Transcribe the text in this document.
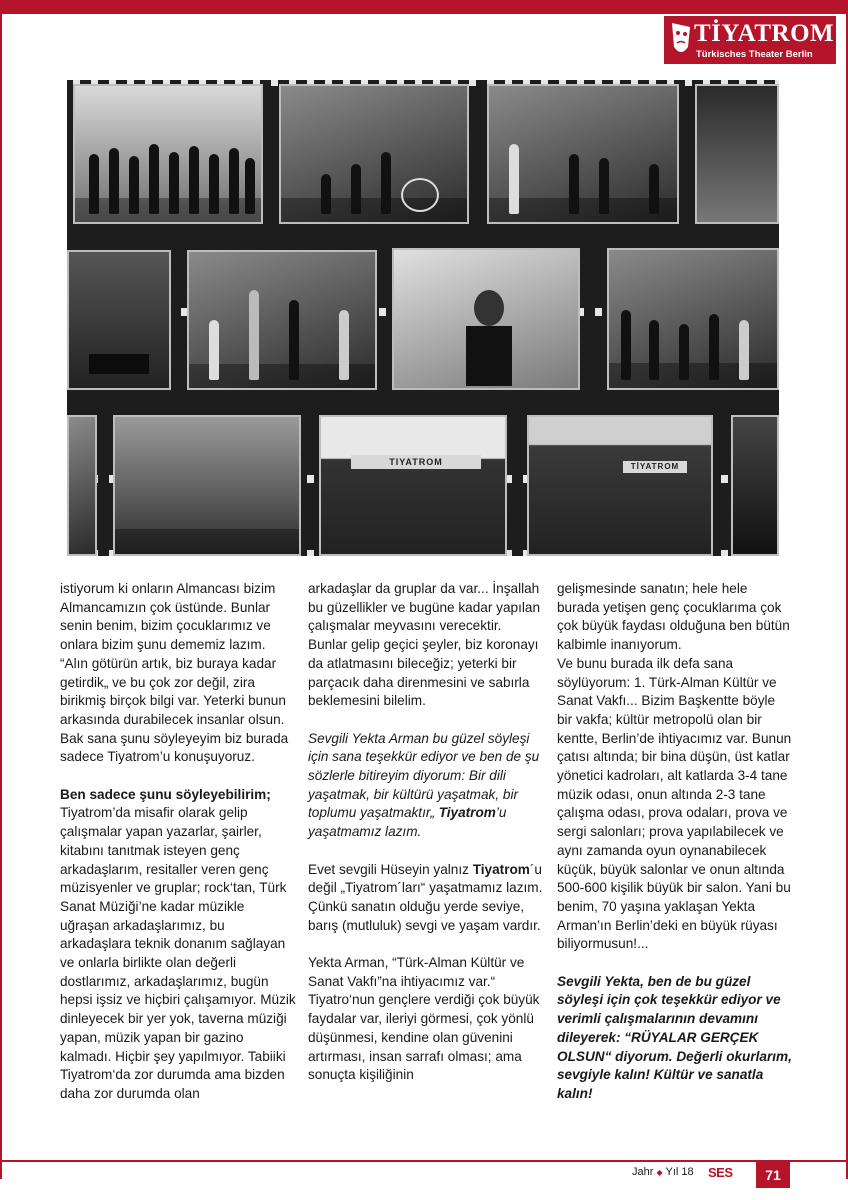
TİYATROM
Türkisches Theater Berlin
TIYATROM	TİYATROM

istiyorum ki onların Almancası bizim Almancamızın çok üstünde. Bunlar senin benim, bizim çocuklarımız ve onlara bizim şunu dememiz lazım. “Alın götürün artık, biz buraya kadar getirdik„ ve bu çok zor değil, zira birikmiş birçok bilgi var. Yeterki bunun arkasında durabilecek insanlar olsun. Bak sana şunu söyleyeyim biz burada sadece Tiyatrom’u konuşuyoruz.

Ben sadece şunu söyleyebilirim;
Tiyatrom’da misafir olarak gelip çalışmalar yapan yazarlar, şairler, kitabını tanıtmak isteyen genç arkadaşlarım, resitaller veren genç müzisyenler ve gruplar; rock‘tan, Türk Sanat Müziği’ne kadar müzikle uğraşan arkadaşlarımız, bu arkadaşlara teknik donanım sağlayan ve onlarla birlikte olan değerli dostlarımız, arkadaşlarımız, bugün hepsi işsiz ve hiçbiri çalışamıyor. Müzik dinleyecek bir yer yok, taverna müziği yapan, müzik yapan bir gazino kalmadı. Hiçbir şey yapılmıyor. Tabiiki Tiyatrom‘da zor durumda ama bizden daha zor durumda olan

arkadaşlar da gruplar da var... İnşallah bu güzellikler ve bugüne kadar yapılan çalışmalar meyvasını verecektir. Bunlar gelip geçici şeyler, biz koronayı da atlatmasını bileceğiz; yeterki bir parçacık daha direnmesini ve sabırla beklemesini bilelim.

Sevgili Yekta Arman bu güzel söyleşi için sana teşekkür ediyor ve ben de şu sözlerle bitireyim diyorum: Bir dili yaşatmak, bir kültürü yaşatmak, bir toplumu yaşatmaktır„ Tiyatrom’u yaşatmamız lazım.

Evet sevgili Hüseyin yalnız Tiyatrom´u değil „Tiyatrom´ları“ yaşatmamız lazım. Çünkü sanatın olduğu yerde seviye, barış (mutluluk) sevgi ve yaşam vardır.

Yekta Arman, “Türk-Alman Kültür ve Sanat Vakfı”na ihtiyacımız var.“ Tiyatro‘nun gençlere verdiği çok büyük faydalar var, ileriyi görmesi, çok yönlü düşünmesi, kendine olan güvenini artırması, insan sarrafı olması; ama sonuçta kişiliğinin

gelişmesinde sanatın; hele hele burada yetişen genç çocuklarıma çok çok büyük faydası olduğuna ben bütün kalbimle inanıyorum.

Ve bunu burada ilk defa sana söylüyorum: 1. Türk-Alman Kültür ve Sanat Vakfı... Bizim Başkentte böyle bir vakfa; kültür metropolü olan bir kentte, Berlin’de ihtiyacımız var. Bunun çatısı altında; bir bina düşün, üst katlar yönetici kadroları, alt katlarda 3-4 tane müzik odası, onun altında 2-3 tane çalışma odası, prova odaları, prova ve sergi salonları; prova yapılabilecek ve aynı zamanda oyun oynanabilecek küçük, büyük salonlar ve onun altında 500-600 kişilik büyük bir salon. Yani bu benim, 70 yaşına yaklaşan Yekta Arman’ın Berlin’deki en büyük rüyası biliyormusun!...

Sevgili Yekta, ben de bu güzel söyleşi için çok teşekkür ediyor ve verimli çalışmalarının devamını dileyerek: “RÜYALAR GERÇEK OLSUN“ diyorum. Değerli okurlarım, sevgiyle kalın! Kültür ve sanatla kalın!

Jahr ◆ Yıl 18 SES	71
